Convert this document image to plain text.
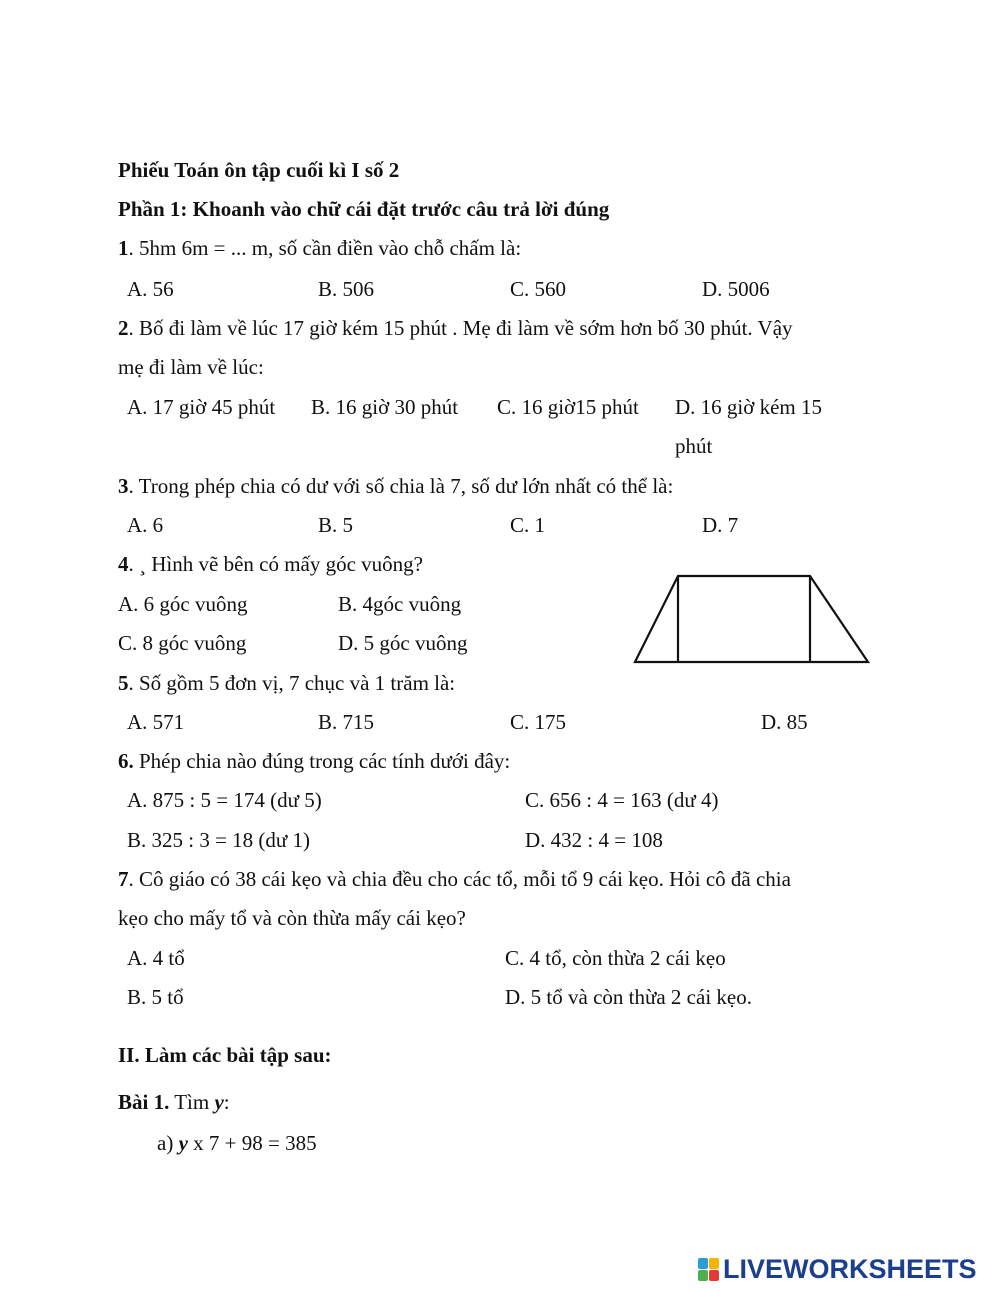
Phiếu Toán ôn tập cuối kì I số 2
Phần 1: Khoanh vào chữ cái đặt trước câu trả lời đúng
1. 5hm 6m = ... m, số cần điền vào chỗ chấm là:
A. 56	B. 506	C. 560	D. 5006
2. Bố đi làm về lúc 17 giờ kém 15 phút . Mẹ đi làm về sớm hơn bố 30 phút. Vậy
mẹ đi làm về lúc:
A. 17 giờ 45 phút B. 16 giờ 30 phút C. 16 giờ15 phút D. 16 giờ kém 15
phút
3. Trong phép chia có dư với số chia là 7, số dư lớn nhất có thể là:
A. 6	B. 5	C. 1	D. 7
4. ¸ Hình vẽ bên có mấy góc vuông?
A. 6 góc vuông	B. 4góc vuông
C. 8 góc vuông	D. 5 góc vuông
5. Số gồm 5 đơn vị, 7 chục và 1 trăm là:
A. 571	B. 715	C. 175	D. 85
6. Phép chia nào đúng trong các tính dưới đây:
A. 875 : 5 = 174 (dư 5)	C. 656 : 4 = 163 (dư 4)
B. 325 : 3 = 18 (dư 1)	D. 432 : 4 = 108
7. Cô giáo có 38 cái kẹo và chia đều cho các tổ, mỗi tổ 9 cái kẹo. Hỏi cô đã chia
kẹo cho mấy tổ và còn thừa mấy cái kẹo?
A. 4 tổ	C. 4 tổ, còn thừa 2 cái kẹo
B. 5 tổ	D. 5 tổ và còn thừa 2 cái kẹo.
II. Làm các bài tập sau:
Bài 1. Tìm y:
a) y x 7 + 98 = 385
LIVEWORKSHEETS
